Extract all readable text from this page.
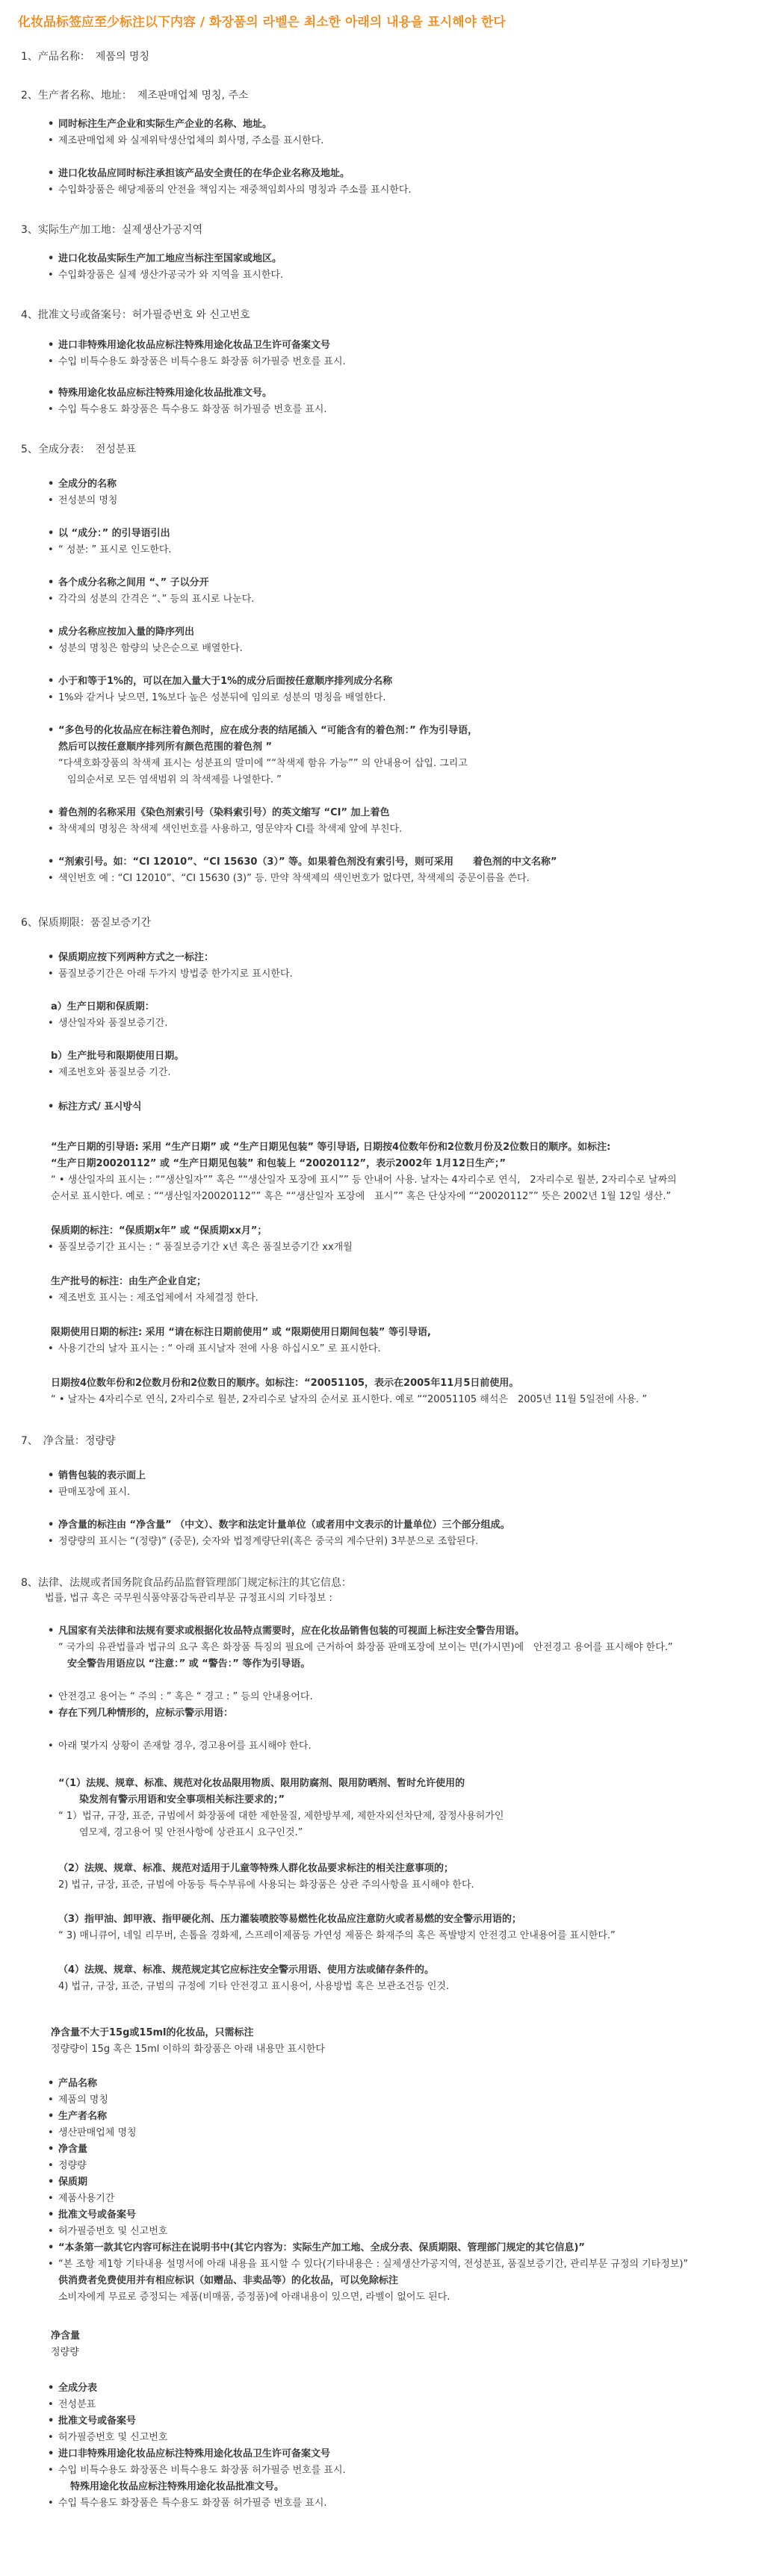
化妆品标签应至少标注以下内容 / 화장품의 라벨은 최소한 아래의 내용을 표시해야 한다
1、产品名称：　제품의 명칭
2、生产者名称、地址：　제조판매업체 명칭, 주소
• 同时标注生产企业和实际生产企业的名称、地址。
• 제조판매업체 와 실제위탁생산업체의 회사명, 주소를 표시한다.
• 进口化妆品应同时标注承担该产品安全责任的在华企业名称及地址。
• 수입화장품은 해당제품의 안전을 책임지는 재중책임회사의 명칭과 주소를 표시한다.
3、实际生产加工地：실제생산가공지역
• 进口化妆品实际生产加工地应当标注至国家或地区。
• 수입화장품은 실제 생산가공국가 와 지역을 표시한다.
4、批准文号或备案号：허가필증번호 와 신고번호
• 进口非特殊用途化妆品应标注特殊用途化妆品卫生许可备案文号
• 수입 비특수용도 화장품은 비특수용도 화장품 허가필증 번호를 표시.
• 特殊用途化妆品应标注特殊用途化妆品批准文号。
• 수입 특수용도 화장품은 특수용도 화장품 허가필증 번호를 표시.
5、全成分表：　전성분표
• 全成分的名称
• 전성분의 명칭
• 以 “成分：” 的引导语引出
• “ 성분: ” 표시로 인도한다.
• 各个成分名称之间用 “、” 子以分开
• 각각의 성분의 간격은 “、” 등의 표시로 나눈다.
• 成分名称应按加入量的降序列出
• 성분의 명칭은 함량의 낮은순으로 배열한다.
• 小于和等于1%的，可以在加入量大于1%的成分后面按任意顺序排列成分名称
• 1%와 같거나 낮으면, 1%보다 높은 성분뒤에 임의로 성분의 명칭을 배열한다.
• “多色号的化妆品应在标注着色剂时，应在成分表的结尾插入 “可能含有的着色剂：” 作为引导语，
然后可以按任意顺序排列所有颜色范围的着色剂 ”
“다색호화장품의 착색제 표시는 성분표의 말미에 ““착색제 함유 가능”” 의 안내용어 삽입. 그리고
임의순서로 모든 염색범위 의 착색제를 나열한다. ”
• 着色剂的名称采用《染色剂索引号（染料索引号）的英文缩写 “CI” 加上着色
• 착색제의 명칭은 착색제 색인번호를 사용하고, 영문약자 CI를 착색제 앞에 부친다.
• “剂索引号。如：“CI 12010”、“CI 15630（3）” 等。如果着色剂没有索引号，则可采用　　着色剂的中文名称”
• 색인번호 예 : “CI 12010”、“CI 15630 (3)” 등. 만약 착색제의 색인번호가 없다면, 착색제의 중문이름을 쓴다.
6、保质期限：품질보증기간
• 保质期应按下列两种方式之一标注：
• 품질보증기간은 아래 두가지 방법중 한가지로 표시한다.
a）生产日期和保质期：
• 생산일자와 품질보증기간.
b）生产批号和限期使用日期。
• 제조번호와 품질보증 기간.
• 标注方式/ 표시방식
“生产日期的引导语: 采用 “生产日期” 或 “生产日期见包装” 等引导语, 日期按4位数年份和2位数月份及2位数日的顺序。如标注:
“生产日期20020112” 或 “生产日期见包装” 和包装上 “20020112”，表示2002年 1月12日生产；”
“ • 생산일자의 표시는 : ““생산일자”” 혹은 ““생산일자 포장에 표시”” 등 안내어 사용. 날자는 4자리수로 연식,　2자리수로 월분, 2자리수로 날짜의
순서로 표시한다. 예로 : ““생산일자20020112”” 혹은 ““생산일자 포장에　표시”” 혹은 단상자에 ““20020112”” 뜻은 2002년 1월 12일 생산.”
保质期的标注：“保质期x年” 或 “保质期xx月”；
• 품질보증기간 표시는 : “ 품질보증기간 x년 혹은 품질보증기간 xx개월
生产批号的标注：由生产企业自定；
• 제조번호 표시는 : 제조업체에서 자체결정 한다.
限期使用日期的标注: 采用 “请在标注日期前使用” 或 “限期使用日期间包装” 等引导语,
• 사용기간의 날자 표시는 : “ 아래 표시날자 전에 사용 하십시오” 로 표시한다.
日期按4位数年份和2位数月份和2位数日的顺序。如标注：“20051105，表示在2005年11月5日前使用。
“ • 날자는 4자리수로 연식, 2자리수로 월분, 2자리수로 날자의 순서로 표시한다. 예로 ““20051105 해석은　2005년 11월 5일전에 사용. ”
7、　净含量：정량량
• 销售包装的表示面上
• 판매포장에 표시.
• 净含量的标注由 “净含量” （中文）、数字和法定计量单位（或者用中文表示的计量单位）三个部分组成。
• 정량량의 표시는 “(정량)” (중문), 숫자와 법정계량단위(혹은 중국의 계수단위) 3부분으로 조합된다.
8、法律、法规或者国务院食品药品监督管理部门规定标注的其它信息：
법률, 법규 혹은 국무원식품약품감독관리부문 규정표시의 기타정보 :
• 凡国家有关法律和法规有要求或根据化妆品特点需要时，应在化妆品销售包装的可视面上标注安全警告用语。
“ 국가의 유관법률과 법규의 요구 혹은 화장품 특징의 필요에 근거하여 화장품 판매포장에 보이는 면(가시면)에　안전경고 용어를 표시해야 한다.”
安全警告用语应以 “注意：” 或 “警告：” 等作为引导语。
• 안전경고 용어는 “ 주의 : ” 혹은 “ 경고 : ” 등의 안내용어다.
• 存在下列几种情形的，应标示警示用语：
• 아래 몇가지 상황이 존재할 경우, 경고용어를 표시해야 한다.
“（1）法规、规章、标准、规范对化妆品限用物质、限用防腐剂、限用防晒剂、暂时允许使用的
染发剂有警示用语和安全事项相关标注要求的；”
“ 1）법규, 규장, 표준, 규범에서 화장품에 대한 제한물질, 제한방부제, 제한자외선차단제, 잠정사용허가인
염모제, 경고용어 및 안전사항에 상관표시 요구인것.”
（2）法规、规章、标准、规范对适用于儿童等特殊人群化妆品要求标注的相关注意事项的；
2) 법규, 규장, 표준, 규범에 아동등 특수부류에 사용되는 화장품은 상관 주의사항을 표시해야 한다.
（3）指甲油、卸甲液、指甲硬化剂、压力灌装喷胶等易燃性化妆品应注意防火或者易燃的安全警示用语的；
“ 3) 매니큐어, 네일 리무버, 손톱을 경화제, 스프레이제품등 가연성 제품은 화재주의 혹은 폭발방지 안전경고 안내용어를 표시한다.”
（4）法规、规章、标准、规范规定其它应标注安全警示用语、使用方法或储存条件的。
4) 법규, 규장, 표준, 규범의 규정에 기타 안전경고 표시용어, 사용방법 혹은 보관조건등 인것.
净含量不大于15g或15ml的化妆品，只需标注
정량량이 15g 혹은 15ml 이하의 화장품은 아래 내용만 표시한다
• 产品名称
• 제품의 명칭
• 生产者名称
• 생산판매업체 명칭
• 净含量
• 정량량
• 保质期
• 제품사용기간
• 批准文号或备案号
• 허가필증번호 및 신고번호
• “本条第一款其它内容可标注在说明书中(其它内容为：实际生产加工地、全成分表、保质期限、管理部门规定的其它信息)”
• “본 조항 제1항 기타내용 설명서에 아래 내용을 표시할 수 있다(기타내용은 : 실제생산가공지역, 전성분표, 품질보증기간, 관리부문 규정의 기타정보)”
供消费者免费使用并有相应标识（如赠品、非卖品等）的化妆品，可以免除标注
소비자에게 무료로 증정되는 제품(비매품, 증정품)에 아래내용이 있으면, 라벨이 없어도 된다.
净含量
정량량
• 全成分表
• 전성분표
• 批准文号或备案号
• 허가필증번호 및 신고번호
• 进口非特殊用途化妆品应标注特殊用途化妆品卫生许可备案文号
• 수입 비특수용도 화장품은 비특수용도 화장품 허가필증 번호를 표시.
特殊用途化妆品应标注特殊用途化妆品批准文号。
• 수입 특수용도 화장품은 특수용도 화장품 허가필증 번호를 표시.
